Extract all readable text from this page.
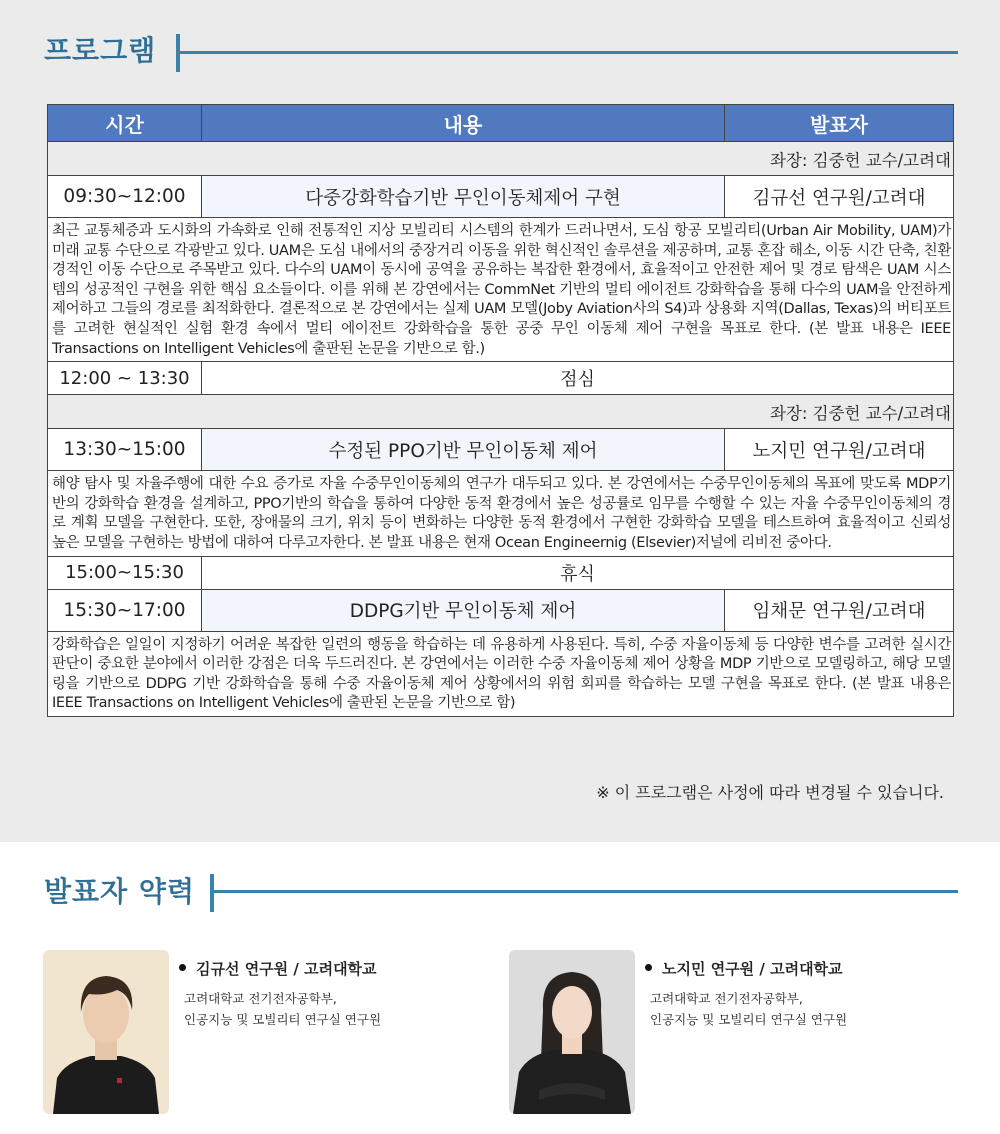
프로그램
시간	내용	발표자
좌장: 김중헌 교수/고려대		
09:30~12:00	다중강화학습기반 무인이동체제어 구현	김규선 연구원/고려대
최근 교통체증과 도시화의 가속화로 인해 전통적인 지상 모빌리티 시스템의 한계가 드러나면서, 도심 항공 모빌리티(Urban Air Mobility, UAM)가 미래 교통 수단으로 각광받고 있다. UAM은 도심 내에서의 중장거리 이동을 위한 혁신적인 솔루션을 제공하며, 교통 혼잡 해소, 이동 시간 단축, 친환경적인 이동 수단으로 주목받고 있다. 다수의 UAM이 동시에 공역을 공유하는 복잡한 환경에서, 효율적이고 안전한 제어 및 경로 탐색은 UAM 시스템의 성공적인 구현을 위한 핵심 요소들이다. 이를 위해 본 강연에서는 CommNet 기반의 멀티 에이전트 강화학습을 통해 다수의 UAM을 안전하게 제어하고 그들의 경로를 최적화한다. 결론적으로 본 강연에서는 실제 UAM 모델(Joby Aviation사의 S4)과 상용화 지역(Dallas, Texas)의 버티포트를 고려한 현실적인 실험 환경 속에서 멀티 에이전트 강화학습을 통한 공중 무인 이동체 제어 구현을 목표로 한다. (본 발표 내용은 IEEE Transactions on Intelligent Vehicles에 출판된 논문을 기반으로 함.)		
12:00 ~ 13:30	점심	
좌장: 김중헌 교수/고려대		
13:30~15:00	수정된 PPO기반 무인이동체 제어	노지민 연구원/고려대
해양 탐사 및 자율주행에 대한 수요 증가로 자율 수중무인이동체의 연구가 대두되고 있다. 본 강연에서는 수중무인이동체의 목표에 맞도록 MDP기반의 강화학습 환경을 설계하고, PPO기반의 학습을 통하여 다양한 동적 환경에서 높은 성공률로 임무를 수행할 수 있는 자율 수중무인이동체의 경로 계획 모델을 구현한다. 또한, 장애물의 크기, 위치 등이 변화하는 다양한 동적 환경에서 구현한 강화학습 모델을 테스트하여 효율적이고 신뢰성 높은 모델을 구현하는 방법에 대하여 다루고자한다. 본 발표 내용은 현재 Ocean Engineernig (Elsevier)저널에 리비전 중아다.		
15:00~15:30	휴식	
15:30~17:00	DDPG기반 무인이동체 제어	임채문 연구원/고려대
강화학습은 일일이 지정하기 어려운 복잡한 일련의 행동을 학습하는 데 유용하게 사용된다. 특히, 수중 자율이동체 등 다양한 변수를 고려한 실시간 판단이 중요한 분야에서 이러한 강점은 더욱 두드러진다. 본 강연에서는 이러한 수중 자율이동체 제어 상황을 MDP 기반으로 모델링하고, 해당 모델링을 기반으로 DDPG 기반 강화학습을 통해 수중 자율이동체 제어 상황에서의 위험 회피를 학습하는 모델 구현을 목표로 한다. (본 발표 내용은 IEEE Transactions on Intelligent Vehicles에 출판된 논문을 기반으로 함)		
※ 이 프로그램은 사정에 따라 변경될 수 있습니다.
발표자 약력
김규선 연구원 / 고려대학교
고려대학교 전기전자공학부,
인공지능 및 모빌리티 연구실 연구원
노지민 연구원 / 고려대학교
고려대학교 전기전자공학부,
인공지능 및 모빌리티 연구실 연구원
